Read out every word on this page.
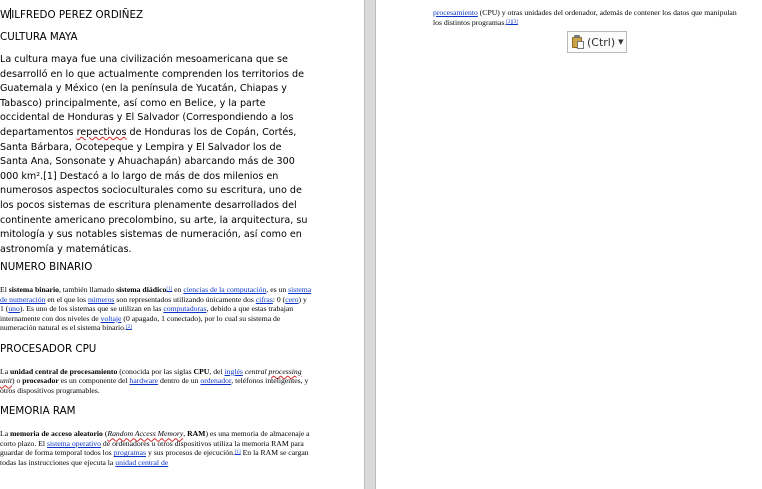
WILFREDO PEREZ ORDIÑEZ

CULTURA MAYA

La cultura maya fue una civilización mesoamericana que se desarrolló en lo que actualmente comprenden los territorios de Guatemala y México (en la península de Yucatán, Chiapas y Tabasco) principalmente, así como en Belice, y la parte occidental de Honduras y El Salvador (Correspondiendo a los departamentos repectivos de Honduras los de Copán, Cortés, Santa Bárbara, Ocotepeque y Lempira y El Salvador los de Santa Ana, Sonsonate y Ahuachapán) abarcando más de 300 000 km².[1] Destacó a lo largo de más de dos milenios en numerosos aspectos socioculturales como su escritura, uno de los pocos sistemas de escritura plenamente desarrollados del continente americano precolombino, su arte, la arquitectura, su mitología y sus notables sistemas de numeración, así como en astronomía y matemáticas.

NUMERO BINARIO

El sistema binario, también llamado sistema diádico[1] en ciencias de la computación, es un sistema de numeración en el que los números son representados utilizando únicamente dos cifras: 0 (cero) y 1 (uno). Es uno de los sistemas que se utilizan en las computadoras, debido a que estas trabajan internamente con dos niveles de voltaje (0 apagado, 1 conectado), por lo cual su sistema de numeración natural es el sistema binario.[2]

PROCESADOR CPU

La unidad central de procesamiento (conocida por las siglas CPU, del inglés central processing unit) o procesador es un componente del hardware dentro de un ordenador, teléfonos inteligentes, y otros dispositivos programables.

MEMORIA RAM

La memoria de acceso aleatorio (Random Access Memory, RAM) es una memoria de almacenaje a corto plazo. El sistema operativo de ordenadores u otros dispositivos utiliza la memoria RAM para guardar de forma temporal todos los programas y sus procesos de ejecución.[1] En la RAM se cargan todas las instrucciones que ejecuta la unidad central de

procesamiento (CPU) y otras unidades del ordenador, además de contener los datos que manipulan los distintos programas.[2][3]

(Ctrl) ▼
